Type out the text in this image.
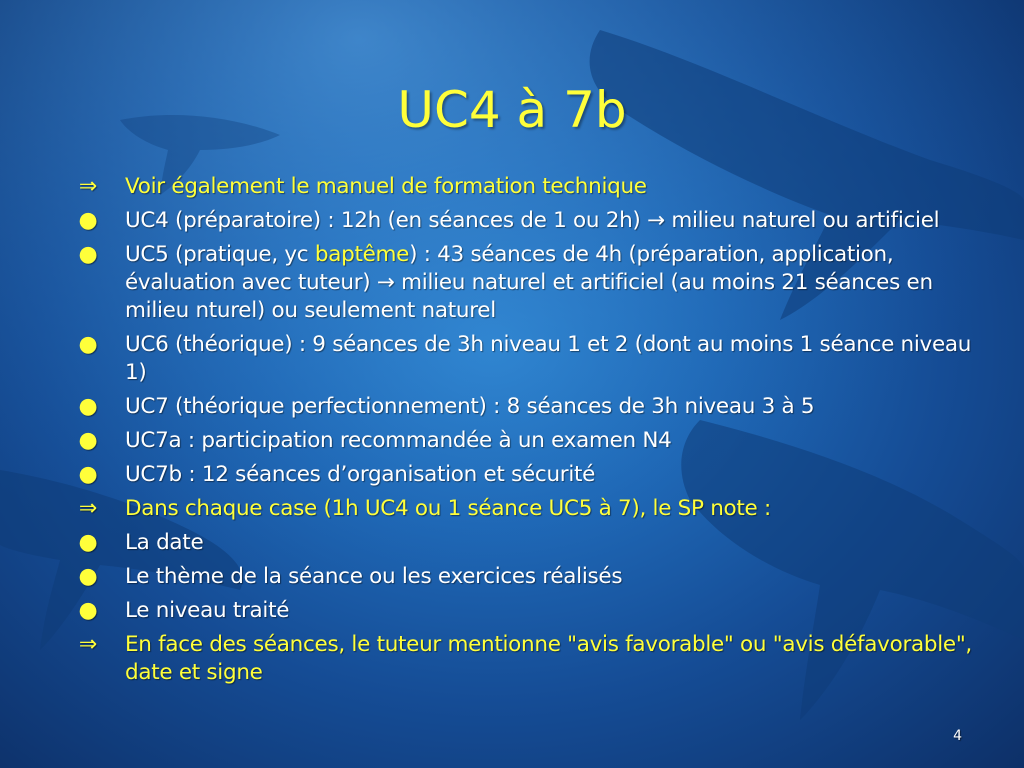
UC4 à 7b
⇒	Voir également le manuel de formation technique
●	UC4 (préparatoire) : 12h (en séances de 1 ou 2h) → milieu naturel ou artificiel
●	UC5 (pratique, yc baptême) : 43 séances de 4h (préparation, application, évaluation avec tuteur) → milieu naturel et artificiel (au moins 21 séances en milieu nturel) ou seulement naturel
●	UC6 (théorique) : 9 séances de 3h niveau 1 et 2 (dont au moins 1 séance niveau 1)
●	UC7 (théorique perfectionnement) : 8 séances de 3h niveau 3 à 5
●	UC7a : participation recommandée à un examen N4
●	UC7b : 12 séances d’organisation et sécurité
⇒	Dans chaque case (1h UC4 ou 1 séance UC5 à 7), le SP note :
●	La date
●	Le thème de la séance ou les exercices réalisés
●	Le niveau traité
⇒	En face des séances, le tuteur mentionne "avis favorable" ou "avis défavorable", date et signe
4
